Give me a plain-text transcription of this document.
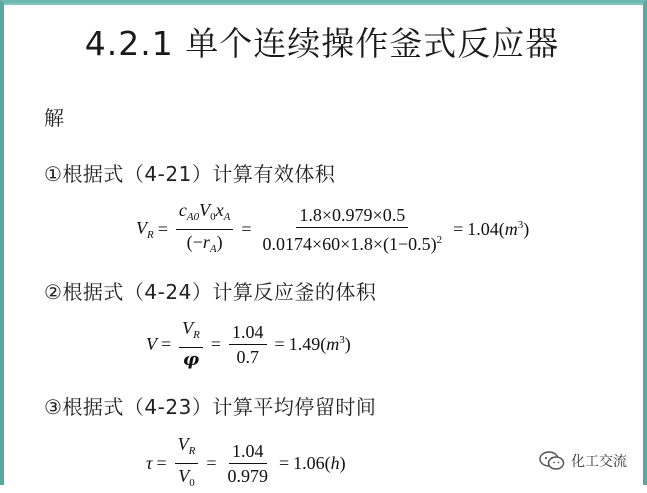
4.2.1 单个连续操作釜式反应器
解
①根据式（4-21）计算有效体积
$V_R = \frac{c_{A0}V_0x_A}{(-r_A)} = \frac{1.8\times 0.979\times 0.5}{0.0174\times 60\times 1.8\times(1-0.5)^2} = 1.04(m^3)$
②根据式（4-24）计算反应釜的体积
$V = \frac{V_R}{\varphi} = \frac{1.04}{0.7} = 1.49(m^3)$
③根据式（4-23）计算平均停留时间
$\tau = \frac{V_R}{V_0} = \frac{1.04}{0.979} = 1.06(h)$	化工交流
